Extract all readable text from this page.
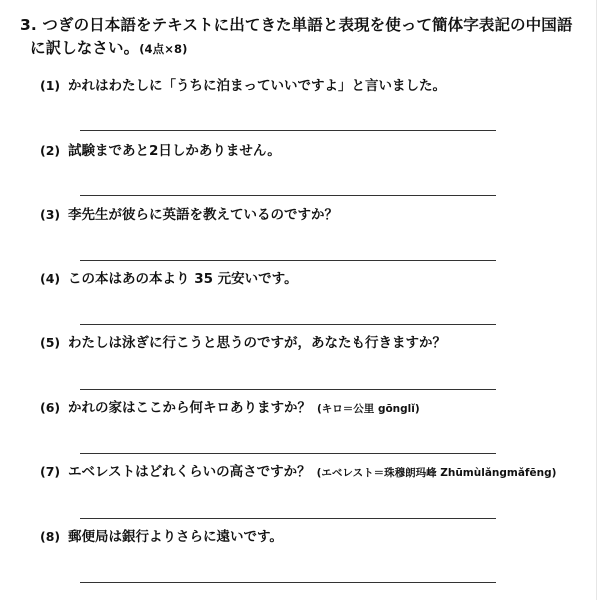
3. つぎの日本語をテキストに出てきた単語と表現を使って簡体字表記の中国語
に訳しなさい。(4点×8)
(1) かれはわたしに「うちに泊まっていいですよ」と言いました。
(2) 試験まであと2日しかありません。
(3) 李先生が彼らに英語を教えているのですか？
(4) この本はあの本より 35 元安いです。
(5) わたしは泳ぎに行こうと思うのですが，あなたも行きますか？
(6) かれの家はここから何キロありますか？ (キロ＝公里 gōnglǐ)
(7) エベレストはどれくらいの高さですか？ (エベレスト＝珠穆朗玛峰 Zhūmùlǎngmǎfēng)
(8) 郵便局は銀行よりさらに遠いです。
